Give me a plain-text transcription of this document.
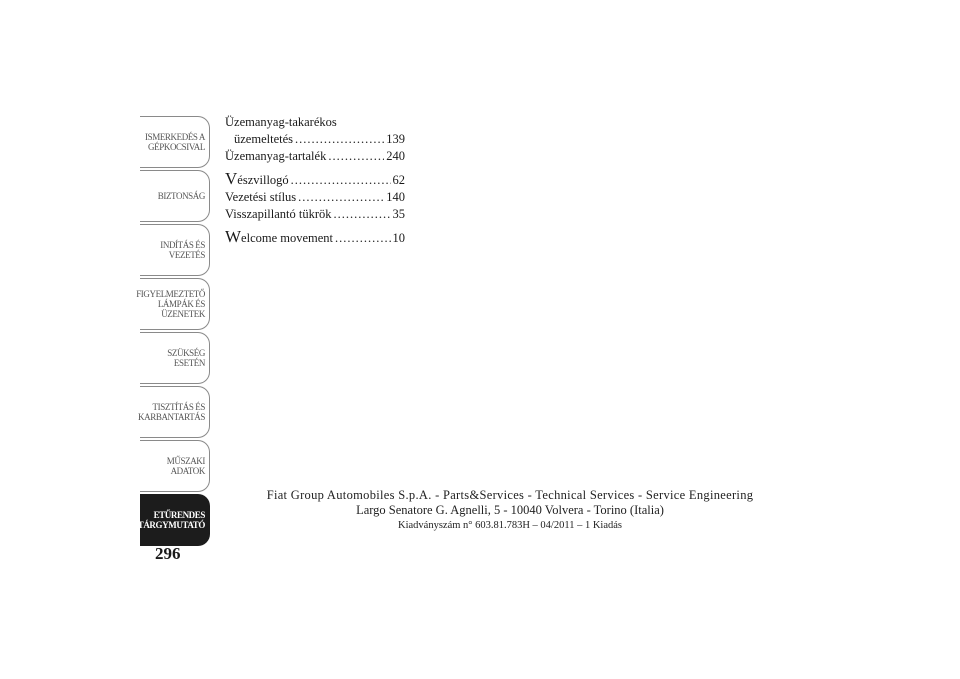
ISMERKEDÉS A
GÉPKOCSIVAL
BIZTONSÁG
INDÍTÁS ÉS
VEZETÉS
FIGYELMEZTETŐ
LÁMPÁK ÉS
ÜZENETEK
SZÜKSÉG ESETÉN
TISZTÍTÁS ÉS
KARBANTARTÁS
MŰSZAKI ADATOK
ETŰRENDES
TÁRGYMUTATÓ
296
Üzemanyag-takarékos
üzemeltetés .....	139
Üzemanyag-tartalék .....	240
Vészvillogó .....	62
Vezetési stílus .....	140
Visszapillantó tükrök .....	35
Welcome movement .....	10
Fiat Group Automobiles S.p.A. - Parts&Services - Technical Services - Service Engineering
Largo Senatore G. Agnelli, 5 - 10040 Volvera - Torino (Italia)
Kiadványszám n° 603.81.783H – 04/2011 – 1 Kiadás
